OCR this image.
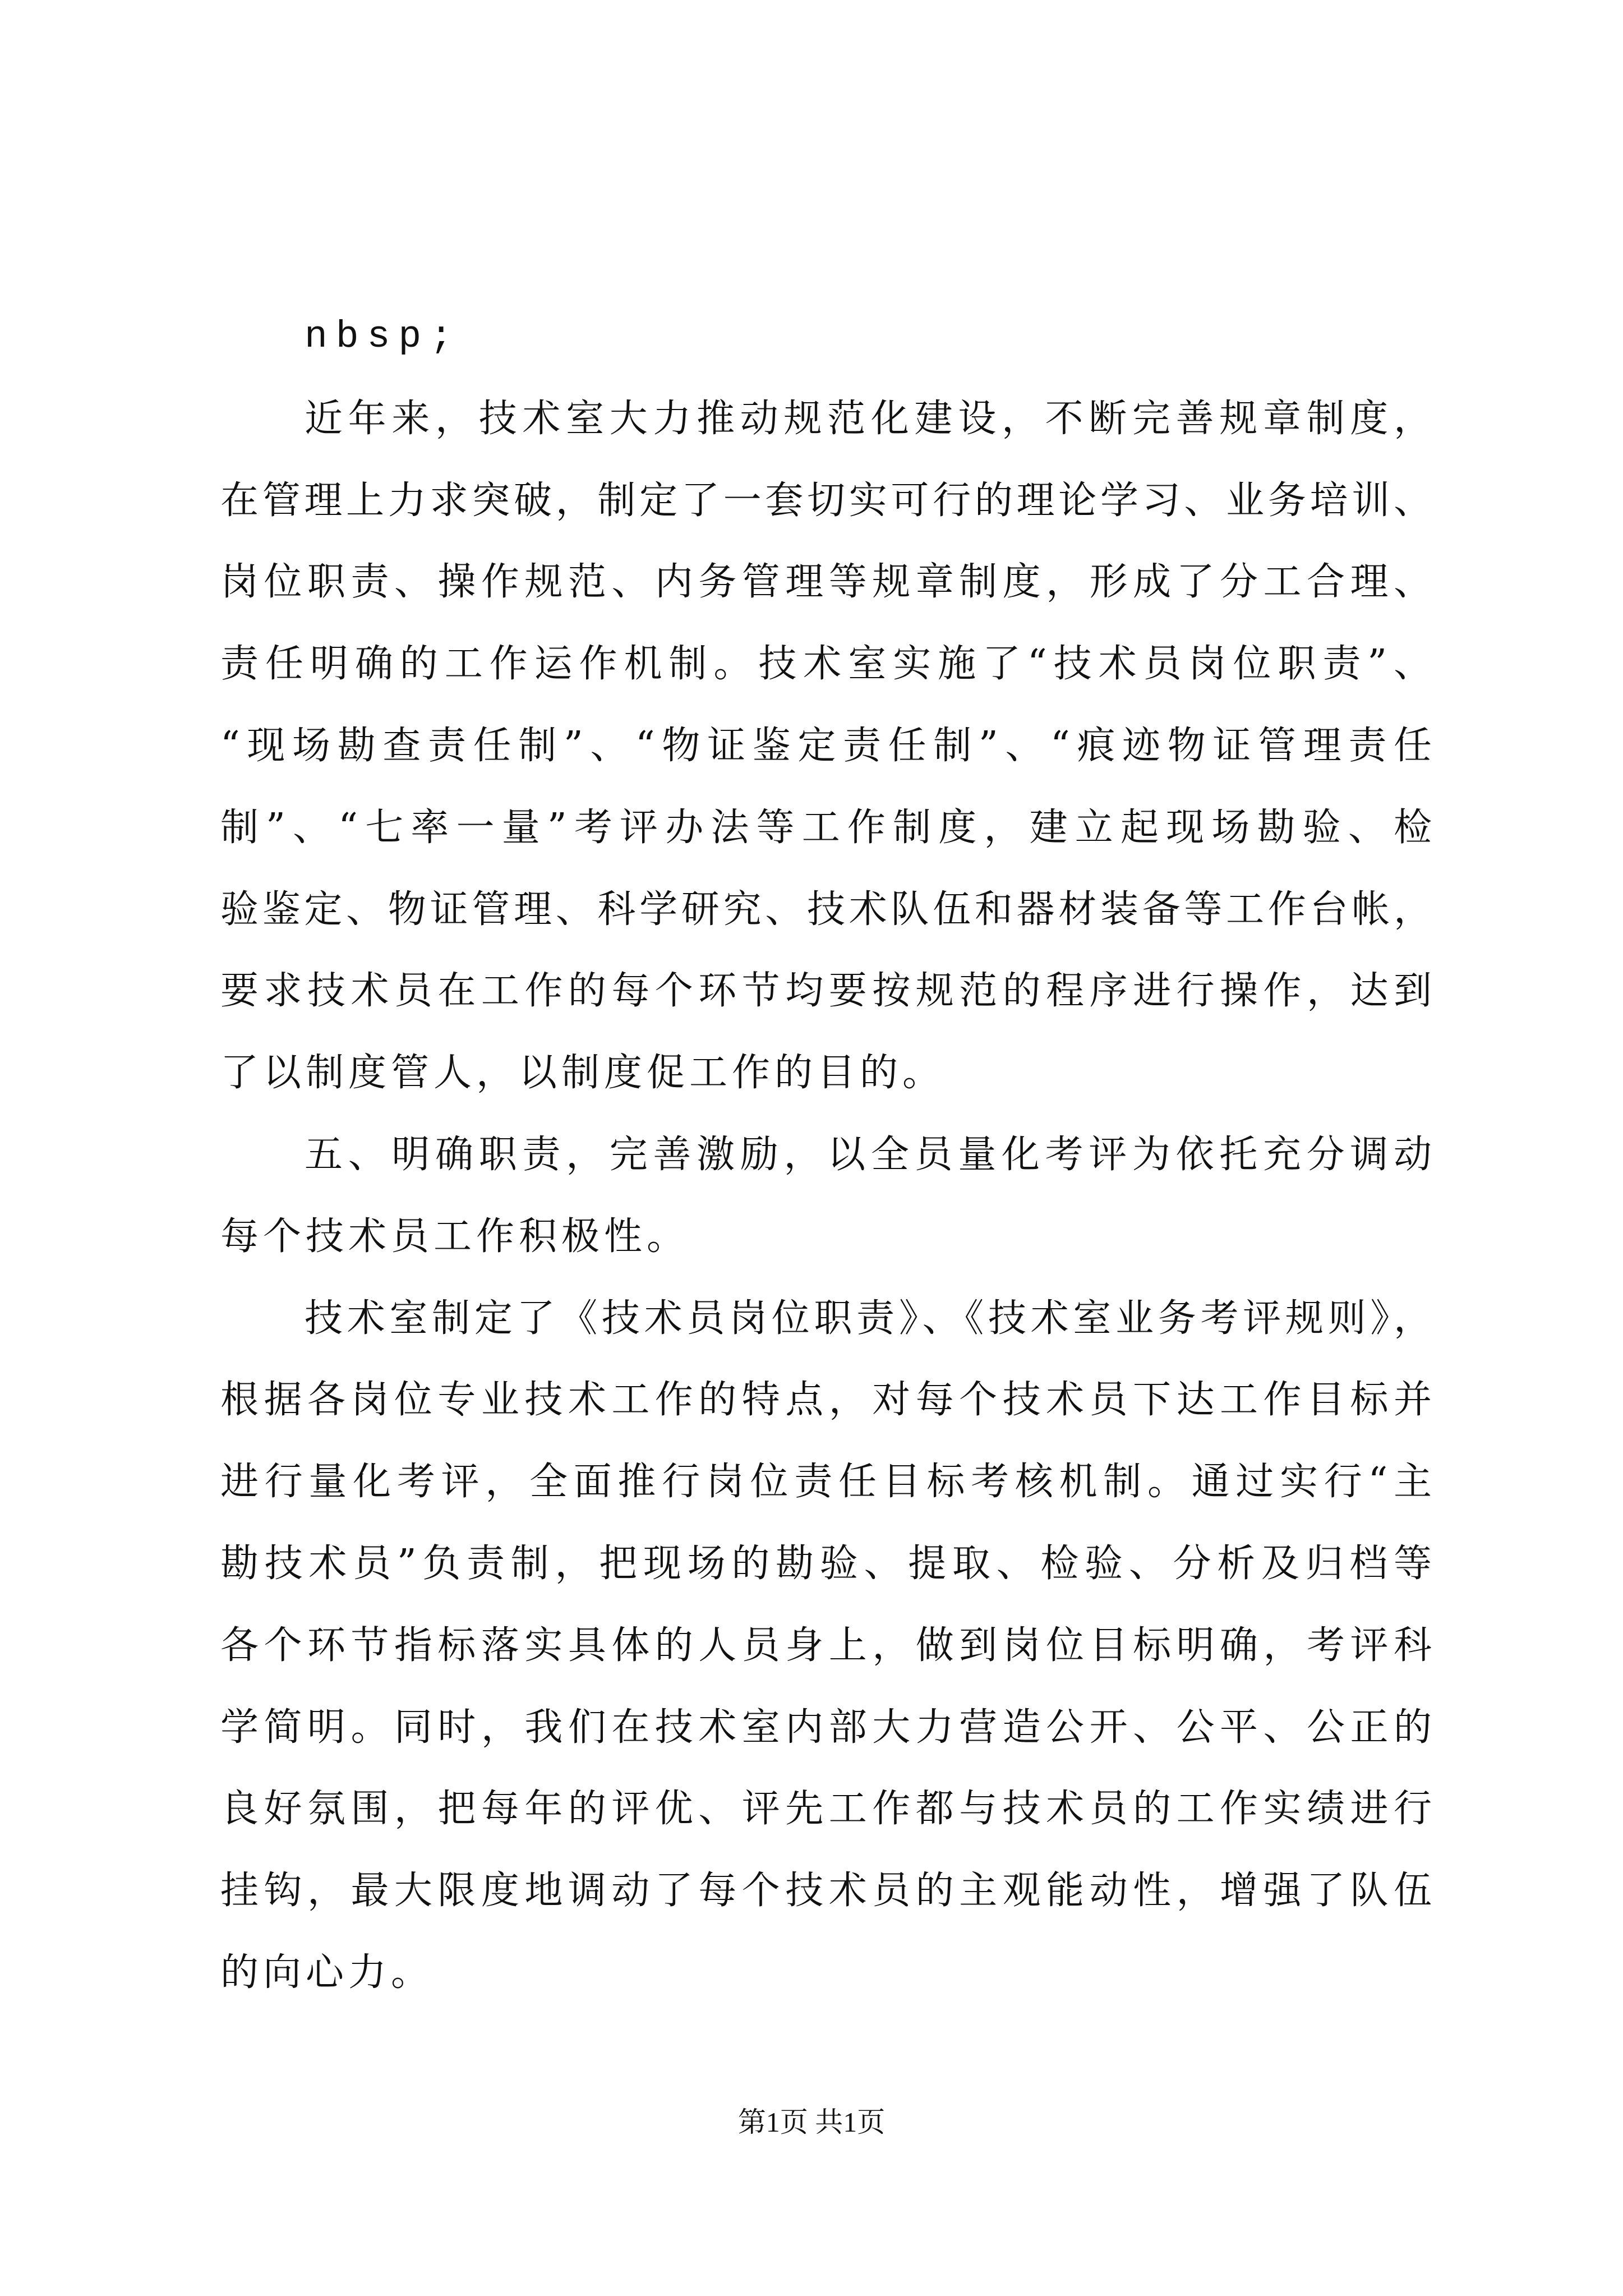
nbsp;
近年来，技术室大力推动规范化建设，不断完善规章制度，
在管理上力求突破，制定了一套切实可行的理论学习、业务培训、
岗位职责、操作规范、内务管理等规章制度，形成了分工合理、
责任明确的工作运作机制。技术室实施了“技术员岗位职责”、
“现场勘查责任制”、“物证鉴定责任制”、“痕迹物证管理责任
制”、“七率一量”考评办法等工作制度，建立起现场勘验、检
验鉴定、物证管理、科学研究、技术队伍和器材装备等工作台帐，
要求技术员在工作的每个环节均要按规范的程序进行操作，达到
了以制度管人，以制度促工作的目的。
五、明确职责，完善激励，以全员量化考评为依托充分调动
每个技术员工作积极性。
技术室制定了《技术员岗位职责》、《技术室业务考评规则》，
根据各岗位专业技术工作的特点，对每个技术员下达工作目标并
进行量化考评，全面推行岗位责任目标考核机制。通过实行“主
勘技术员”负责制，把现场的勘验、提取、检验、分析及归档等
各个环节指标落实具体的人员身上，做到岗位目标明确，考评科
学简明。同时，我们在技术室内部大力营造公开、公平、公正的
良好氛围，把每年的评优、评先工作都与技术员的工作实绩进行
挂钩，最大限度地调动了每个技术员的主观能动性，增强了队伍
的向心力。
第1页 共1页
